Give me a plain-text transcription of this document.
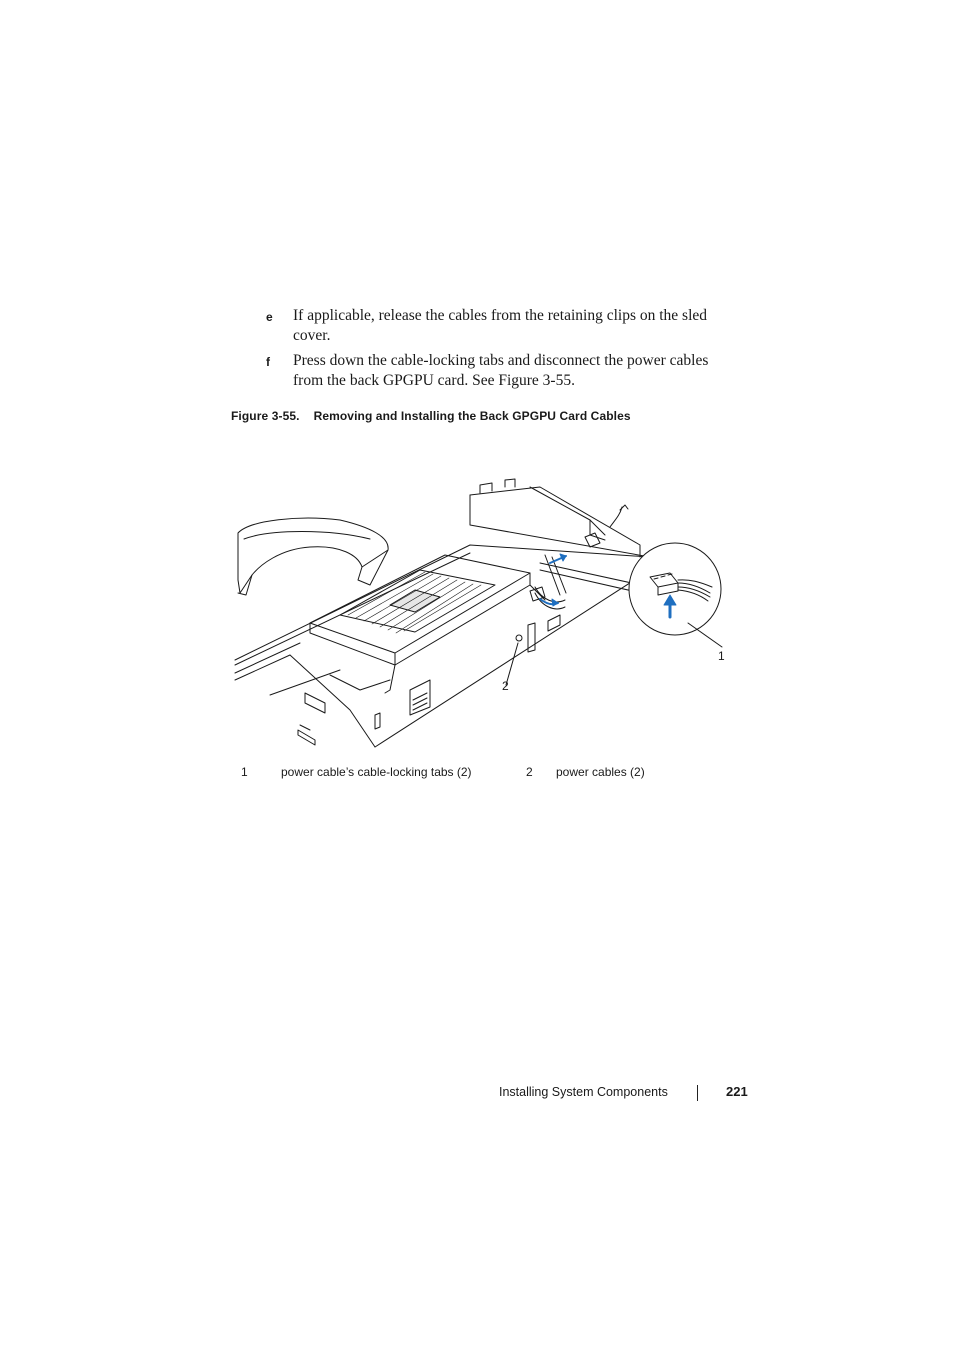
e If applicable, release the cables from the retaining clips on the sled cover.
f Press down the cable-locking tabs and disconnect the power cables from the back GPGPU card. See Figure 3-55.
Figure 3-55. Removing and Installing the Back GPGPU Card Cables
1
2
1	power cable’s cable-locking tabs (2)	2 power cables (2)
Installing System Components	221
